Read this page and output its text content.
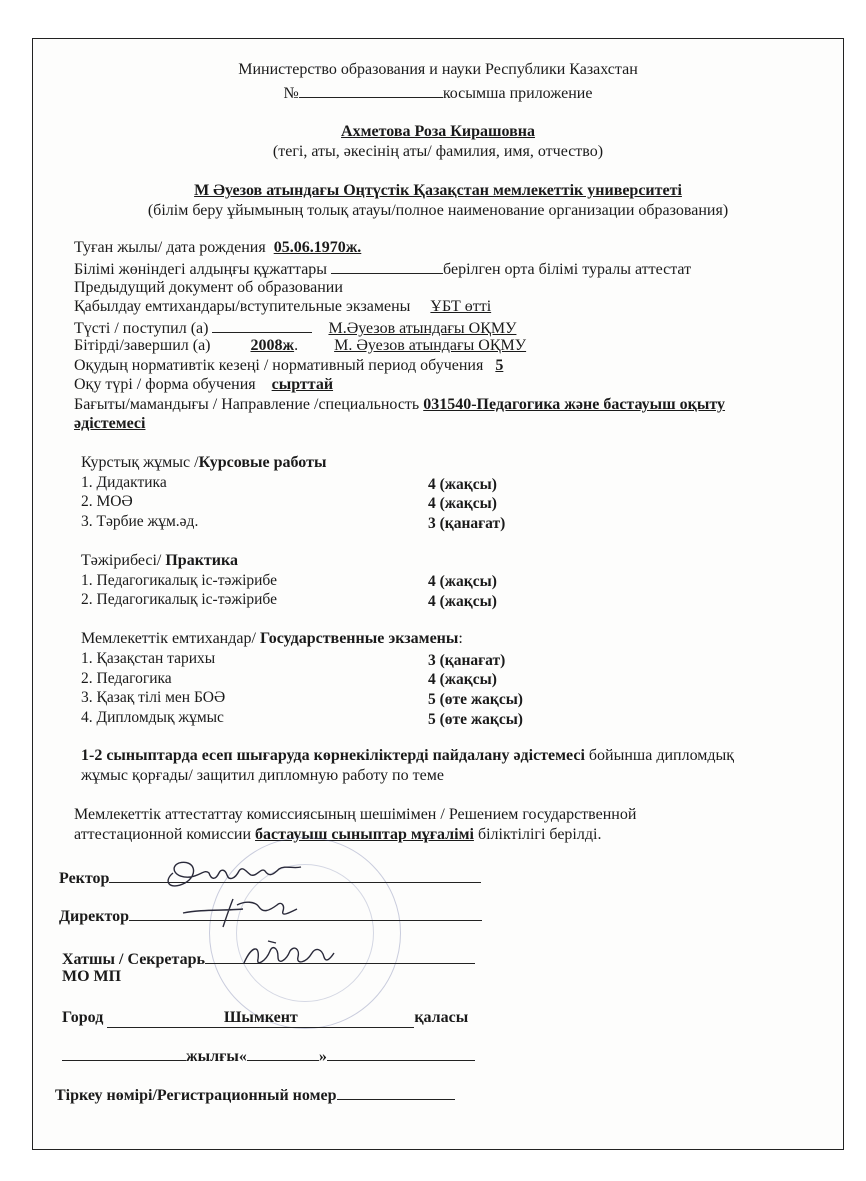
Министерство образования и науки Республики Казахстан
№	косымша приложение
Ахметова Роза Кирашовна
(тегі, аты, әкесінің аты/ фамилия, имя, отчество)
М Әуезов атындағы Оңтүстік Қазақстан мемлекеттік университеті
(білім беру ұйымының толық атауы/полное наименование организации образования)
Туған жылы/ дата рождения 05.06.1970ж.
Білімі жөніндегі алдыңғы құжаттары	берілген орта білімі туралы аттестат
Предыдущий документ об образовании
Қабылдау емтихандары/вступительные экзамены ҰБТ өтті
Түсті / поступил (а)	М.Әуезов атындағы ОҚМУ
Бітірді/завершил (а)	2008ж.         М. Әуезов атындағы ОҚМУ
Оқудың нормативтік кезеңі / нормативный период обучения 5
Оқу түрі / форма обучения сырттай
Бағыты/мамандығы / Направление /специальность 031540-Педагогика және бастауыш оқыту
әдістемесі
Курстық жұмыс /Курсовые работы
1. Дидактика	4 (жақсы)
2. МОӘ	4 (жақсы)
3. Тәрбие жұм.әд.	3 (қанағат)
Тәжірибесі/ Практика
1. Педагогикалық іс-тәжірибе	4 (жақсы)
2. Педагогикалық іс-тәжірибе	4 (жақсы)
Мемлекеттік емтихандар/ Государственные экзамены:
1. Қазақстан тарихы	3 (қанағат)
2. Педагогика	4 (жақсы)
3. Қазақ тілі мен БОӘ	5 (өте жақсы)
4. Дипломдық жұмыс	5 (өте жақсы)
1-2 сыныптарда есеп шығаруда көрнекіліктерді пайдалану әдістемесі бойынша дипломдық
жұмыс қорғады/ защитил дипломную работу по теме
Мемлекеттік аттестаттау комиссиясының шешімімен / Решением государственной
аттестационной комиссии бастауыш сыныптар мұғалімі біліктілігі берілді.
Ректор
Директор
Хатшы / Секретарь
МО МП
Город	Шымкент	қаласы
жылғы«	»
Тіркеу нөмірі/Регистрационный номер
